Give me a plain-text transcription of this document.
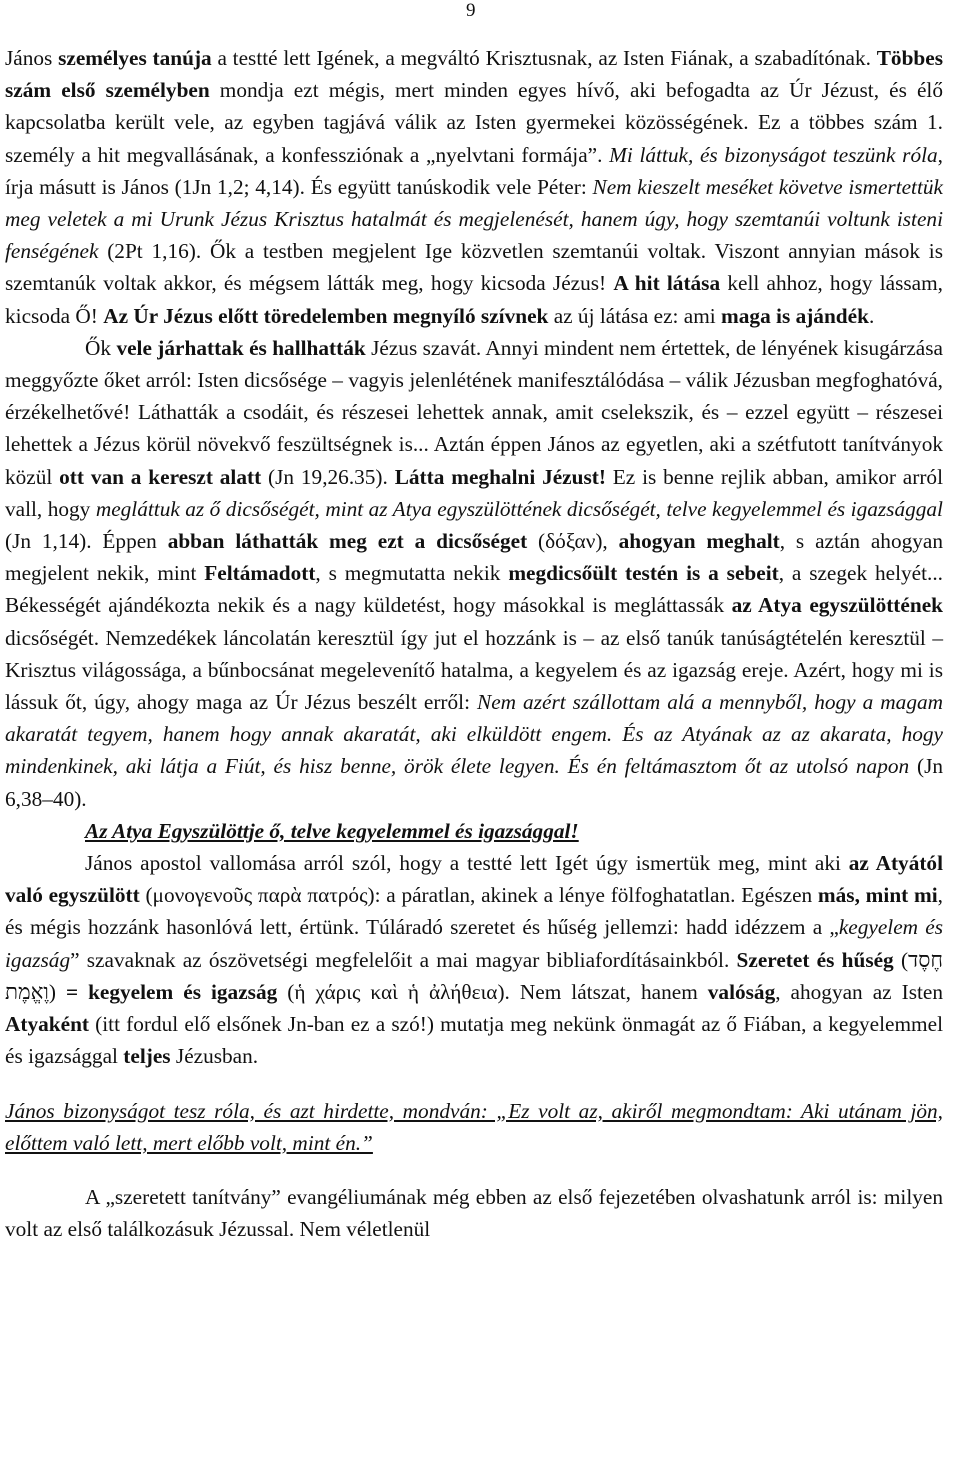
9

János személyes tanúja a testté lett Igének, a megváltó Krisztusnak, az Isten Fiának, a szabadítónak. Többes szám első személyben mondja ezt mégis, mert minden egyes hívő, aki befogadta az Úr Jézust, és élő kapcsolatba került vele, az egyben tagjává válik az Isten gyermekei közösségének. Ez a többes szám 1. személy a hit megvallásának, a konfessziónak a „nyelvtani formája”. Mi láttuk, és bizonyságot teszünk róla, írja másutt is János (1Jn 1,2; 4,14). És együtt tanúskodik vele Péter: Nem kieszelt meséket követve ismertettük meg veletek a mi Urunk Jézus Krisztus hatalmát és megjelenését, hanem úgy, hogy szemtanúi voltunk isteni fenségének (2Pt 1,16). Ők a testben megjelent Ige közvetlen szemtanúi voltak. Viszont annyian mások is szemtanúk voltak akkor, és mégsem látták meg, hogy kicsoda Jézus! A hit látása kell ahhoz, hogy lássam, kicsoda Ő! Az Úr Jézus előtt töredelemben megnyíló szívnek az új látása ez: ami maga is ajándék.

Ők vele járhattak és hallhatták Jézus szavát. Annyi mindent nem értettek, de lényének kisugárzása meggyőzte őket arról: Isten dicsősége – vagyis jelenlétének manifesztálódása – válik Jézusban megfoghatóvá, érzékelhetővé! Láthatták a csodáit, és részesei lehettek annak, amit cselekszik, és – ezzel együtt – részesei lehettek a Jézus körül növekvő feszültségnek is... Aztán éppen János az egyetlen, aki a szétfutott tanítványok közül ott van a kereszt alatt (Jn 19,26.35). Látta meghalni Jézust! Ez is benne rejlik abban, amikor arról vall, hogy megláttuk az ő dicsőségét, mint az Atya egyszülöttének dicsőségét, telve kegyelemmel és igazsággal (Jn 1,14). Éppen abban láthatták meg ezt a dicsőséget (δόξαν), ahogyan meghalt, s aztán ahogyan megjelent nekik, mint Feltámadott, s megmutatta nekik megdicsőült testén is a sebeit, a szegek helyét... Békességét ajándékozta nekik és a nagy küldetést, hogy másokkal is megláttassák az Atya egyszülöttének dicsőségét. Nemzedékek láncolatán keresztül így jut el hozzánk is – az első tanúk tanúságtételén keresztül – Krisztus világossága, a bűnbocsánat megelevenítő hatalma, a kegyelem és az igazság ereje. Azért, hogy mi is lássuk őt, úgy, ahogy maga az Úr Jézus beszélt erről: Nem azért szállottam alá a mennyből, hogy a magam akaratát tegyem, hanem hogy annak akaratát, aki elküldött engem. És az Atyának az az akarata, hogy mindenkinek, aki látja a Fiút, és hisz benne, örök élete legyen. És én feltámasztom őt az utolsó napon (Jn 6,38–40).

Az Atya Egyszülöttje ő, telve kegyelemmel és igazsággal!

János apostol vallomása arról szól, hogy a testté lett Igét úgy ismertük meg, mint aki az Atyától való egyszülött (μονογενοῦς παρὰ πατρός): a páratlan, akinek a lénye fölfoghatatlan. Egészen más, mint mi, és mégis hozzánk hasonlóvá lett, értünk. Túláradó szeretet és hűség jellemzi: hadd idézzem a „kegyelem és igazság” szavaknak az ószövetségi megfelelőit a mai magyar bibliafordításainkból. Szeretet és hűség (חֶסֶד וֶאֱמֶת) = kegyelem és igazság (ἡ χάρις καὶ ἡ ἀλήθεια). Nem látszat, hanem valóság, ahogyan az Isten Atyaként (itt fordul elő elsőnek Jn-ban ez a szó!) mutatja meg nekünk önmagát az ő Fiában, a kegyelemmel és igazsággal teljes Jézusban.

János bizonyságot tesz róla, és azt hirdette, mondván: „Ez volt az, akiről megmondtam: Aki utánam jön, előttem való lett, mert előbb volt, mint én.”

A „szeretett tanítvány” evangéliumának még ebben az első fejezetében olvashatunk arról is: milyen volt az első találkozásuk Jézussal. Nem véletlenül
